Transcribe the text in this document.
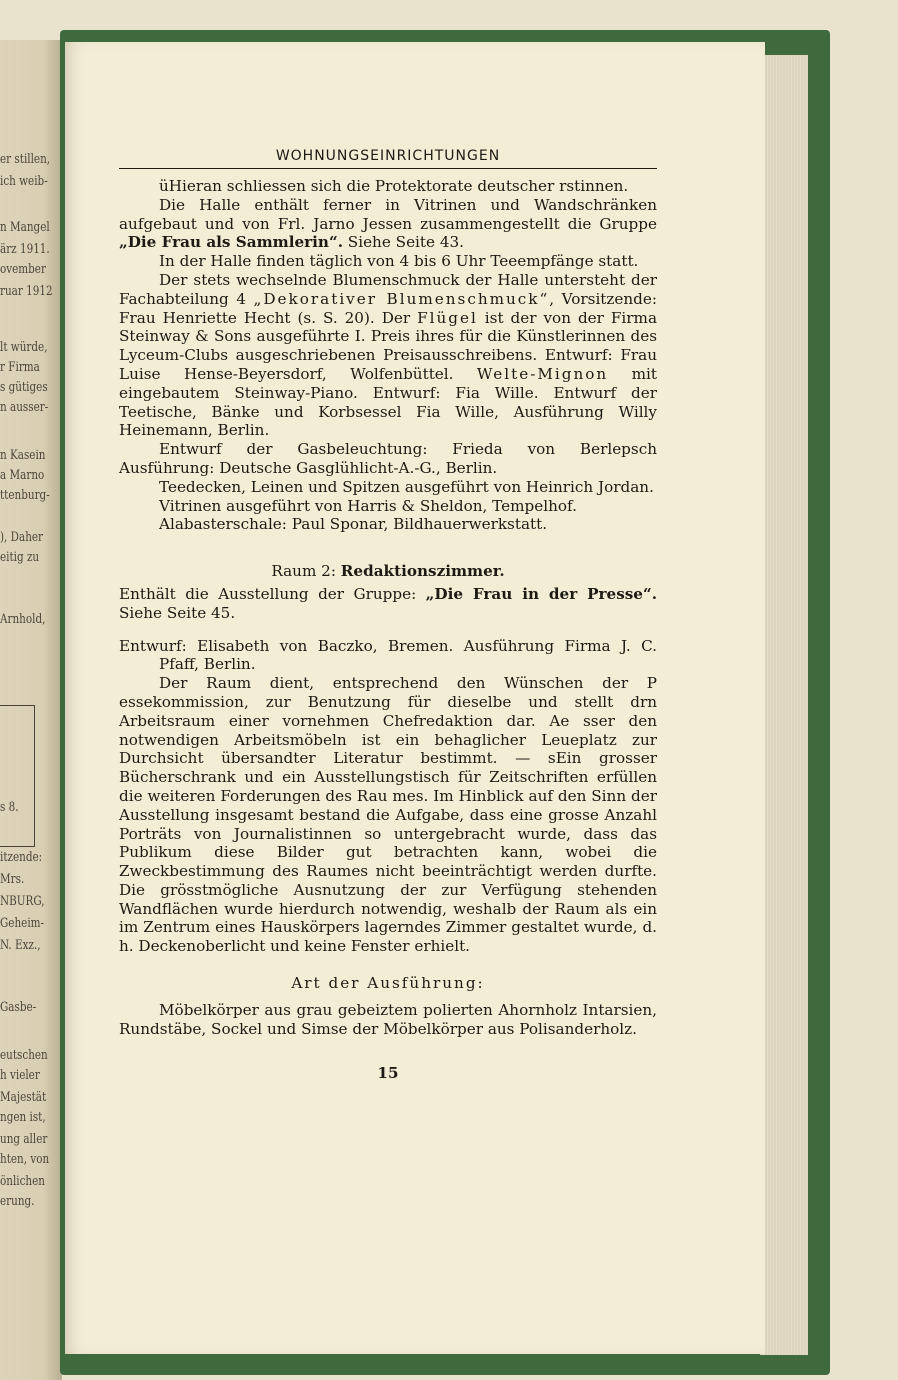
er stillen,
ich weib-
n Mangel
ärz 1911.
ovember
ruar 1912
lt würde,
r Firma
s gütiges
n ausser-
n Kasein
a Marno
ttenburg-
), Daher
eitig zu
Arnhold,
s 8.
itzende:
Mrs.
NBURG,
Geheim-
N. Exz.,
Gasbe-
eutschen
h vieler
Majestät
ngen ist,
ung aller
hten, von
önlichen
erung.
WOHNUNGSEINRICHTUNGEN

üHieran schliessen sich die Protektorate deutscher rstinnen.

Die Halle enthält ferner in Vitrinen und Wandschränken aufgebaut und von Frl. Jarno Jessen zusammengestellt die Gruppe „Die Frau als Sammlerin“. Siehe Seite 43.

In der Halle finden täglich von 4 bis 6 Uhr Teeempfänge statt.

Der stets wechselnde Blumenschmuck der Halle untersteht der Fachabteilung 4 „Dekorativer Blumenschmuck“, Vorsitzende: Frau Henriette Hecht (s. S. 20). Der Flügel ist der von der Firma Steinway & Sons ausgeführte I. Preis ihres für die Künstlerinnen des Lyceum-Clubs ausgeschriebenen Preisausschreibens. Entwurf: Frau Luise Hense-Beyersdorf, Wolfenbüttel. Welte-Mignon mit eingebautem Steinway-Piano. Entwurf: Fia Wille. Entwurf der Teetische, Bänke und Korbsessel Fia Wille, Ausführung Willy Heinemann, Berlin.

Entwurf der Gasbeleuchtung: Frieda von Berlepsch Ausführung: Deutsche Gasglühlicht-A.-G., Berlin.

Teedecken, Leinen und Spitzen ausgeführt von Heinrich Jordan.

Vitrinen ausgeführt von Harris & Sheldon, Tempelhof.

Alabasterschale: Paul Sponar, Bildhauerwerkstatt.

Raum 2: Redaktionszimmer.

Enthält die Ausstellung der Gruppe: „Die Frau in der Presse“. Siehe Seite 45.

Entwurf: Elisabeth von Baczko, Bremen. Ausführung Firma J. C. Pfaff, Berlin.

Der Raum dient, entsprechend den Wünschen der P essekommission, zur Benutzung für dieselbe und stellt drn Arbeitsraum einer vornehmen Chefredaktion dar. Ae sser den notwendigen Arbeitsmöbeln ist ein behaglicher Leueplatz zur Durchsicht übersandter Literatur bestimmt. — sEin grosser Bücherschrank und ein Ausstellungstisch für Zeitschriften erfüllen die weiteren Forderungen des Rau mes. Im Hinblick auf den Sinn der Ausstellung insgesamt bestand die Aufgabe, dass eine grosse Anzahl Porträts von Journalistinnen so untergebracht wurde, dass das Publikum diese Bilder gut betrachten kann, wobei die Zweckbestimmung des Raumes nicht beeinträchtigt werden durfte. Die grösstmögliche Ausnutzung der zur Verfügung stehenden Wandflächen wurde hierdurch notwendig, weshalb der Raum als ein im Zentrum eines Hauskörpers lagerndes Zimmer gestaltet wurde, d. h. Deckenoberlicht und keine Fenster erhielt.

Art der Ausführung:

Möbelkörper aus grau gebeiztem polierten Ahornholz Intarsien, Rundstäbe, Sockel und Simse der Möbelkörper aus Polisanderholz.

15
